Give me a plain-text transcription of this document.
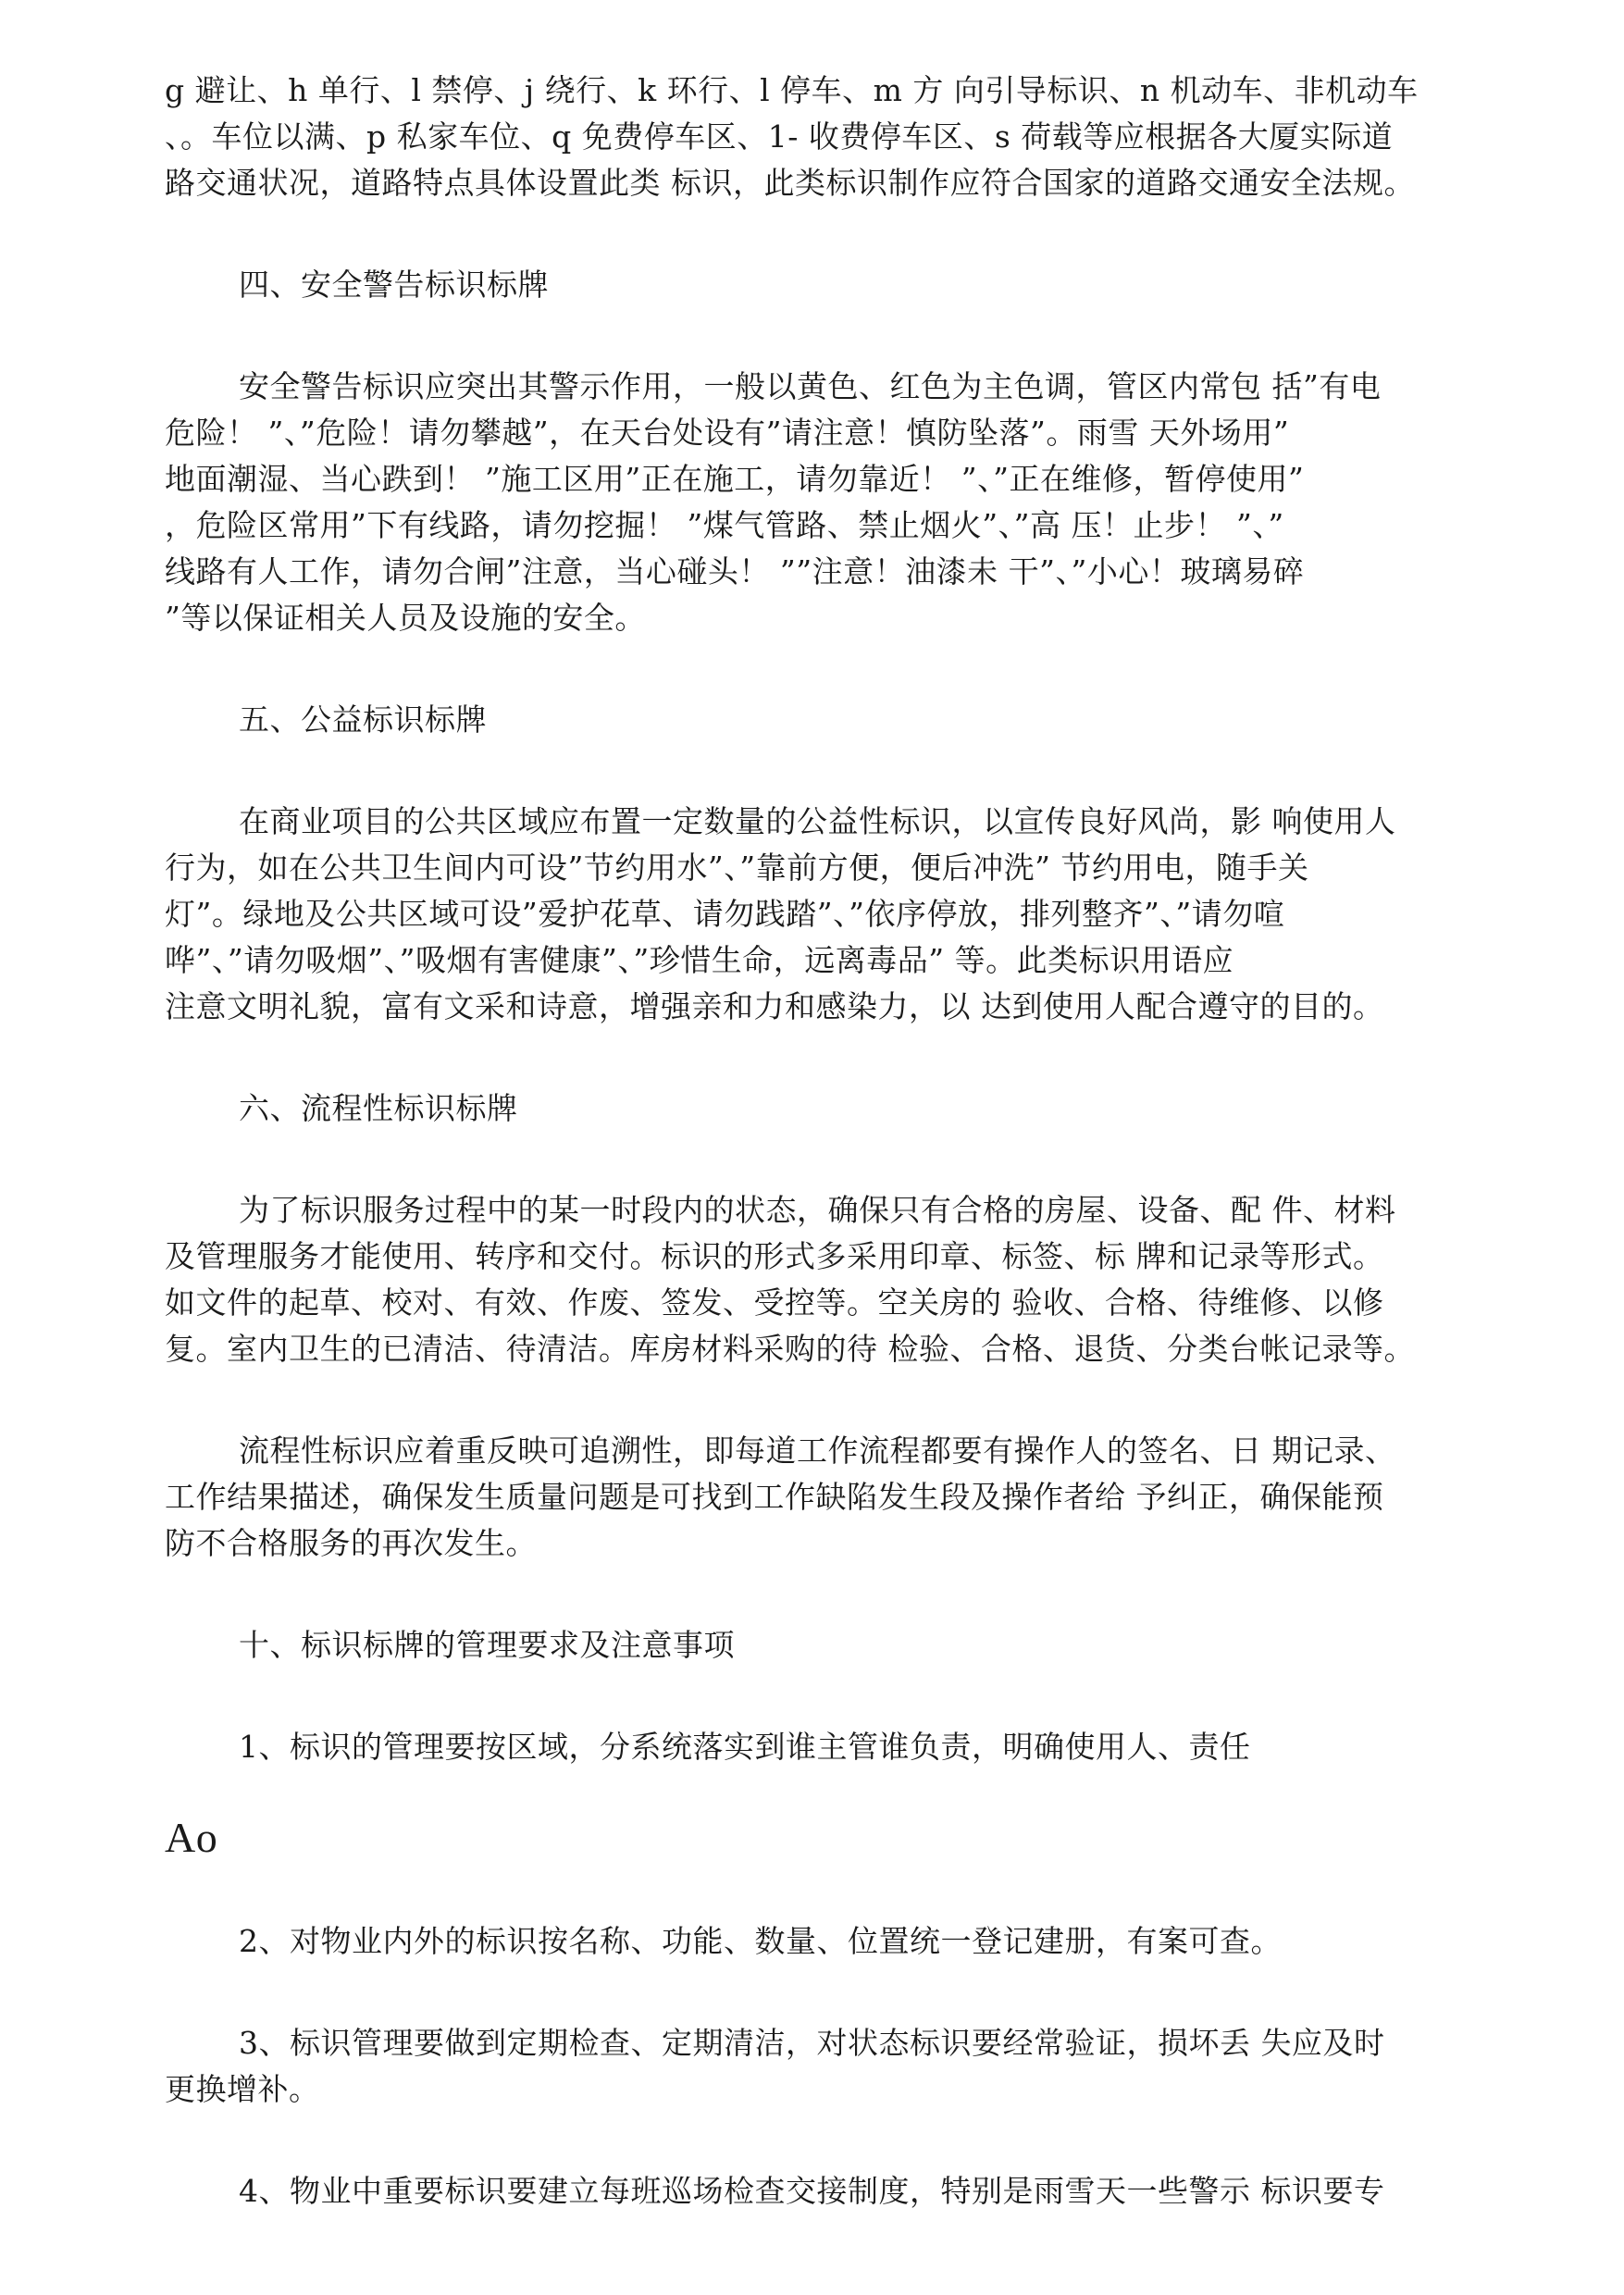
g 避让、h 单行、l 禁停、j 绕行、k 环行、l 停车、m 方 向引导标识、n 机动车、非机动车
、。车位以满、p 私家车位、q 免费停车区、1- 收费停车区、s 荷载等应根据各大厦实际道
路交通状况，道路特点具体设置此类 标识，此类标识制作应符合国家的道路交通安全法规。
四、安全警告标识标牌
安全警告标识应突出其警示作用，一般以黄色、红色为主色调，管区内常包 括”有电
危险！ ”、”危险！请勿攀越”，在天台处设有”请注意！慎防坠落”。雨雪 天外场用”
地面潮湿、当心跌到！ ”施工区用”正在施工，请勿靠近！ ”、”正在维修，暂停使用”
，危险区常用”下有线路，请勿挖掘！ ”煤气管路、禁止烟火”、”高 压！止步！ ”、”
线路有人工作，请勿合闸”注意，当心碰头！ ””注意！油漆未 干”、”小心！玻璃易碎
”等以保证相关人员及设施的安全。
五、公益标识标牌
在商业项目的公共区域应布置一定数量的公益性标识，以宣传良好风尚，影 响使用人
行为，如在公共卫生间内可设”节约用水”、”靠前方便，便后冲洗” 节约用电，随手关
灯”。绿地及公共区域可设”爱护花草、请勿践踏”、”依序停放，排列整齐”、”请勿喧
哗”、”请勿吸烟”、”吸烟有害健康”、”珍惜生命，远离毒品” 等。此类标识用语应
注意文明礼貌，富有文采和诗意，增强亲和力和感染力，以 达到使用人配合遵守的目的。
六、流程性标识标牌
为了标识服务过程中的某一时段内的状态，确保只有合格的房屋、设备、配 件、材料
及管理服务才能使用、转序和交付。标识的形式多采用印章、标签、标 牌和记录等形式。
如文件的起草、校对、有效、作废、签发、受控等。空关房的 验收、合格、待维修、以修
复。室内卫生的已清洁、待清洁。库房材料采购的待 检验、合格、退货、分类台帐记录等。
流程性标识应着重反映可追溯性，即每道工作流程都要有操作人的签名、日 期记录、
工作结果描述，确保发生质量问题是可找到工作缺陷发生段及操作者给 予纠正，确保能预
防不合格服务的再次发生。
十、标识标牌的管理要求及注意事项
1、标识的管理要按区域，分系统落实到谁主管谁负责，明确使用人、责任
Ao
2、对物业内外的标识按名称、功能、数量、位置统一登记建册，有案可查。
3、标识管理要做到定期检查、定期清洁，对状态标识要经常验证，损坏丢 失应及时
更换增补。
4、物业中重要标识要建立每班巡场检查交接制度，特别是雨雪天一些警示 标识要专
